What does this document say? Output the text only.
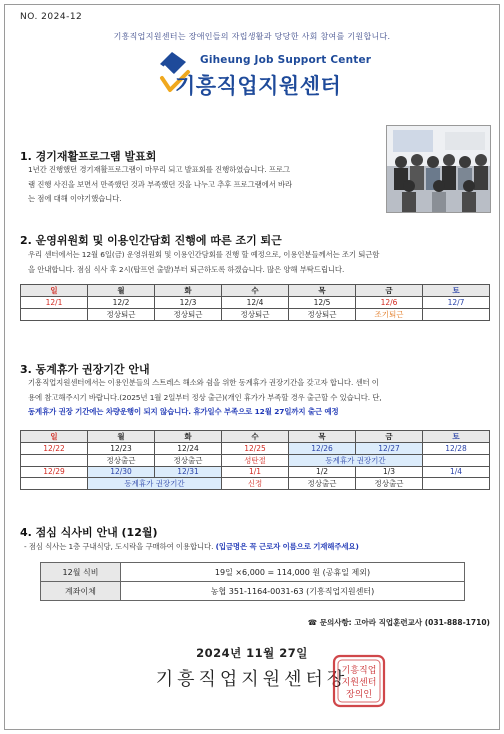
NO. 2024-12
기흥직업지원센터는 장애인들의 자립생활과 당당한 사회 참여를 기원합니다.
Giheung Job Support Center
기흥직업지원센터
1. 경기재활프로그램 발표회
1년간 진행했던 경기재활프로그램이 마무리 되고 발표회를 진행하였습니다. 프로그
램 진행 사진을 보면서 만족했던 것과 부족했던 것을 나누고 추후 프로그램에서 바라
는 점에 대해 이야기했습니다.
2. 운영위원회 및 이용인간담회 진행에 따른 조기 퇴근
우리 센터에서는 12월 6일(금) 운영위원회 및 이용인간담회를 진행 할 예정으로, 이용인분들께서는 조기 퇴근함
을 안내합니다. 점심 식사 후 2시(탑프연 출발)부터 퇴근하도록 하겠습니다. 많은 양해 부탁드립니다.
일	월	화	수	목	금	토
12/1	12/2	12/3	12/4	12/5	12/6	12/7
	정상퇴근	정상퇴근	정상퇴근	정상퇴근	조기퇴근	
3. 동계휴가 권장기간 안내
기흥직업지원센터에서는 이용인분들의 스트레스 해소와 쉼을 위한 동계휴가 권장기간을 갖고자 합니다. 센터 이
용에 참고해주시기 바랍니다.(2025년 1월 2일부터 정상 출근)(개인 휴가가 부족할 경우 출근할 수 있습니다. 단,
동계휴가 권장 기간에는 차량운행이 되지 않습니다. 휴가일수 부족으로 12월 27일까지 출근 예정
일	월	화	수	목	금	토
12/22	12/23	12/24	12/25	12/26	12/27	12/28
	정상출근	정상출근	성탄절	동계휴가 권장기간		
12/29	12/30	12/31	1/1	1/2	1/3	1/4
	동계휴가 권장기간		신정	정상출근	정상출근	
4. 점심 식사비 안내 (12월)
- 점심 식사는 1층 구내식당, 도시락을 구매하여 이용합니다. (입금명은 꼭 근로자 이름으로 기재해주세요)
12월 식비	19일 ×6,000 = 114,000 원 (공휴일 제외)
계좌이체	농협 351-1164-0031-63 (기흥직업지원센터)
☎ 문의사항: 고아라 직업훈련교사 (031-888-1710)
2024년 11월 27일
기흥직업지원센터장
기흥직업
지원센터
장의인
